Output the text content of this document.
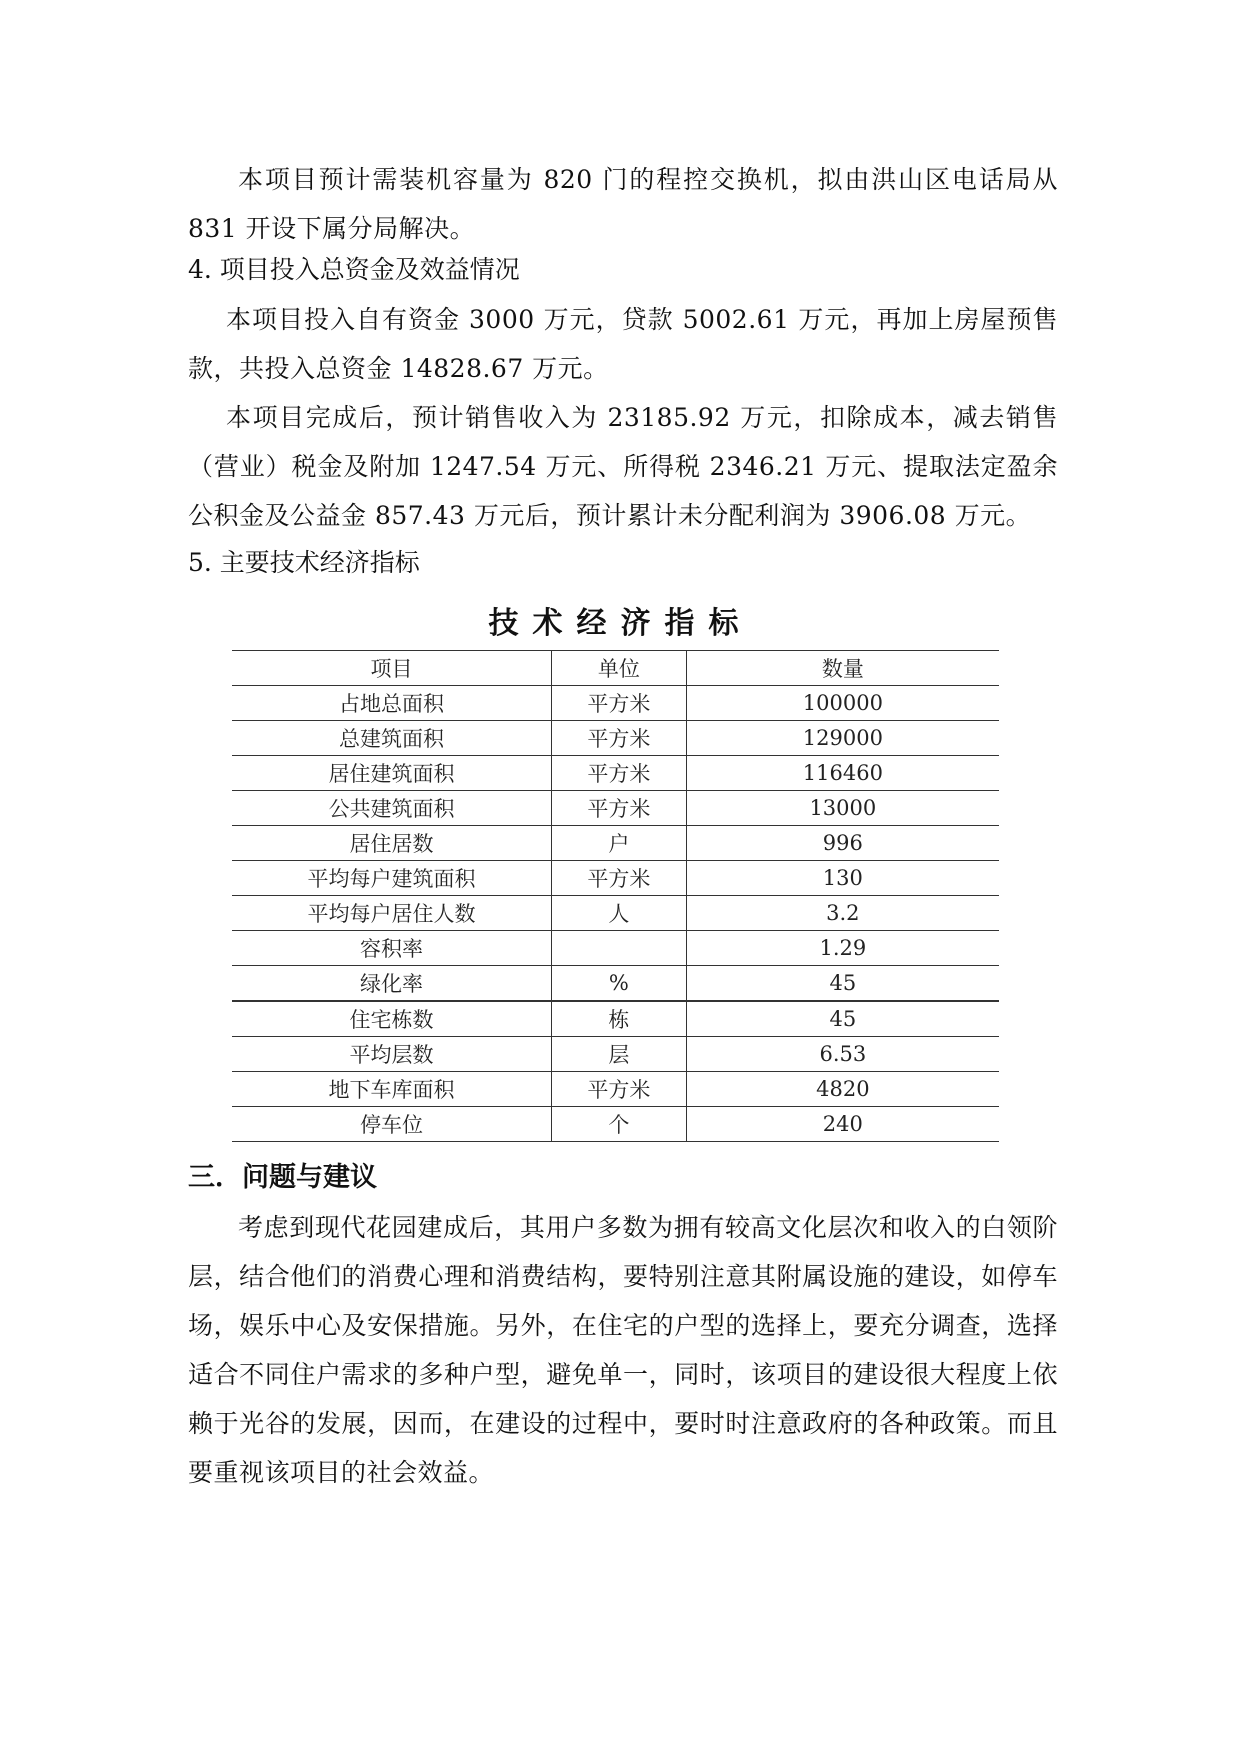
本项目预计需装机容量为 820 门的程控交换机，拟由洪山区电话局从 831 开设下属分局解决。

4. 项目投入总资金及效益情况

本项目投入自有资金 3000 万元，贷款 5002.61 万元，再加上房屋预售款，共投入总资金 14828.67 万元。

本项目完成后，预计销售收入为 23185.92 万元，扣除成本，减去销售（营业）税金及附加 1247.54 万元、所得税 2346.21 万元、提取法定盈余公积金及公益金 857.43 万元后，预计累计未分配利润为 3906.08 万元。

5. 主要技术经济指标

技术经济指标

项目	单位	数量
占地总面积	平方米	100000
总建筑面积	平方米	129000
居住建筑面积	平方米	116460
公共建筑面积	平方米	13000
居住居数	户	996
平均每户建筑面积	平方米	130
平均每户居住人数	人	3.2
容积率		1.29
绿化率	%	45
住宅栋数	栋	45
平均层数	层	6.53
地下车库面积	平方米	4820
停车位	个	240

三．问题与建议

考虑到现代花园建成后，其用户多数为拥有较高文化层次和收入的白领阶层，结合他们的消费心理和消费结构，要特别注意其附属设施的建设，如停车场，娱乐中心及安保措施。另外，在住宅的户型的选择上，要充分调查，选择适合不同住户需求的多种户型，避免单一，同时，该项目的建设很大程度上依赖于光谷的发展，因而，在建设的过程中，要时时注意政府的各种政策。而且要重视该项目的社会效益。
